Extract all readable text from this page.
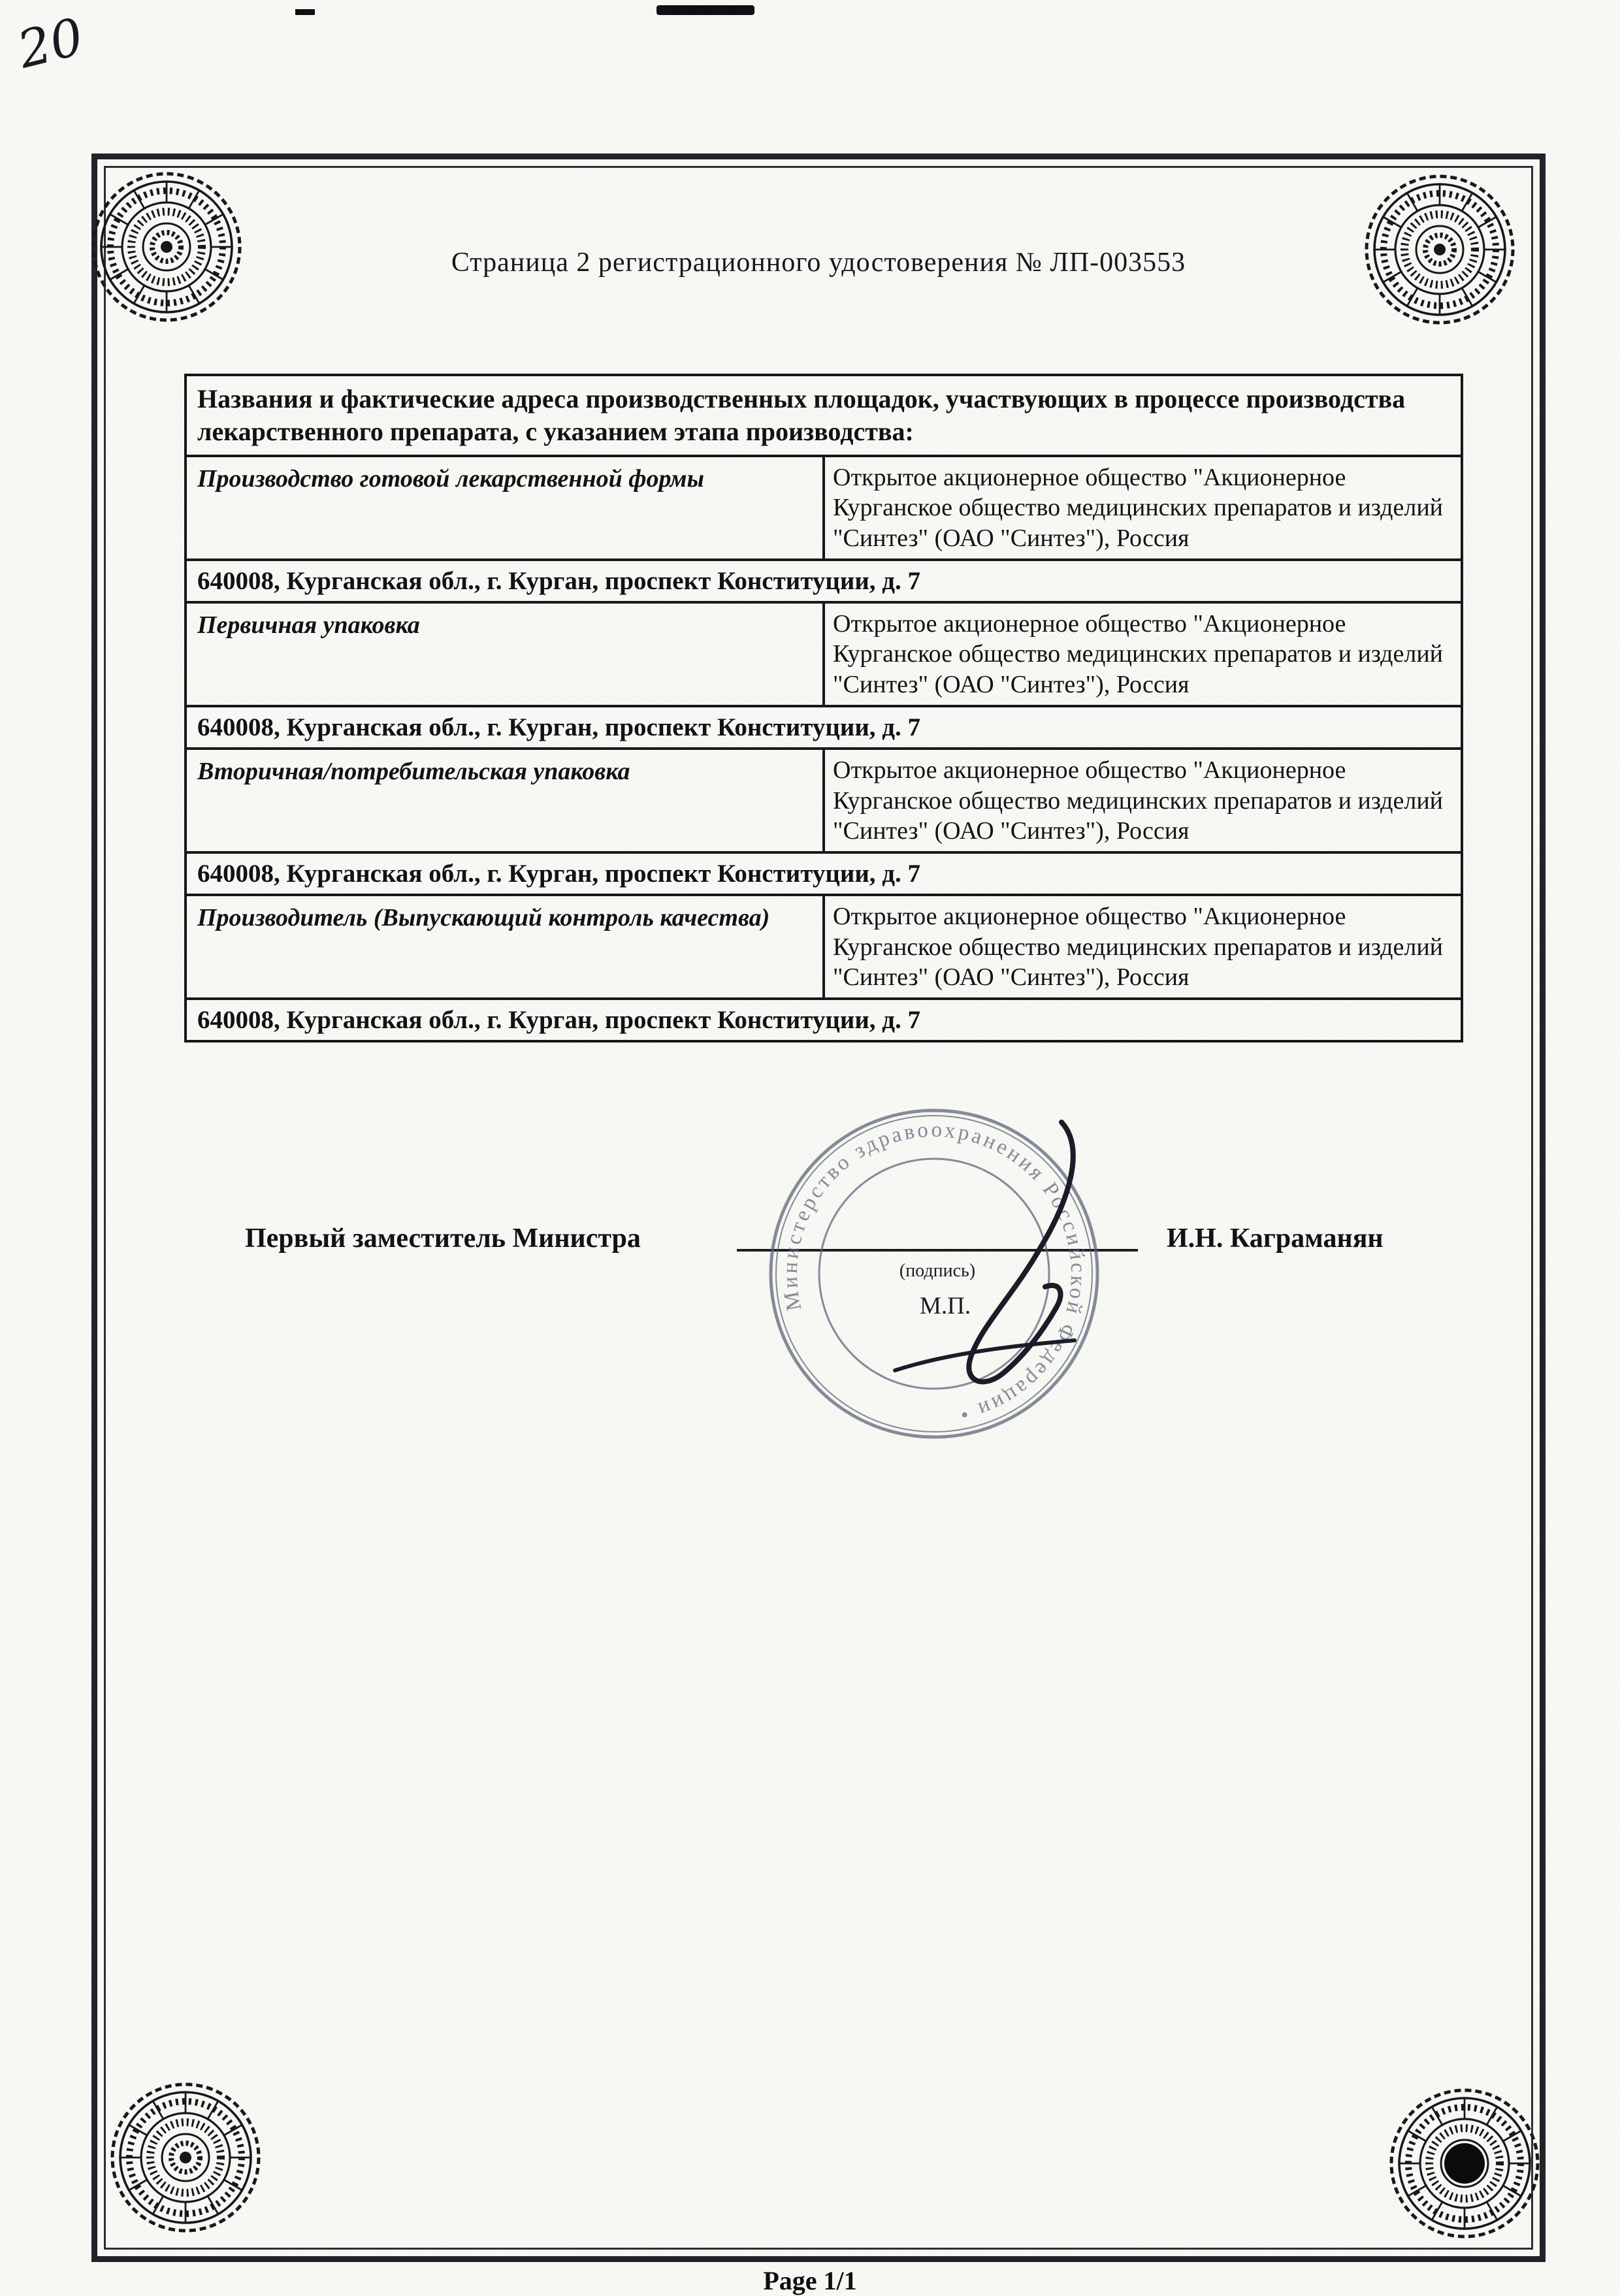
20
Страница 2 регистрационного удостоверения № ЛП-003553
Названия и фактические адреса производственных площадок, участвующих в процессе производства лекарственного препарата, с указанием этапа производства:	
Производство готовой лекарственной формы	Открытое акционерное общество "Акционерное Курганское общество медицинских препаратов и изделий "Синтез" (ОАО "Синтез"), Россия
640008, Курганская обл., г. Курган, проспект Конституции, д. 7	
Первичная упаковка	Открытое акционерное общество "Акционерное Курганское общество медицинских препаратов и изделий "Синтез" (ОАО "Синтез"), Россия
640008, Курганская обл., г. Курган, проспект Конституции, д. 7	
Вторичная/потребительская упаковка	Открытое акционерное общество "Акционерное Курганское общество медицинских препаратов и изделий "Синтез" (ОАО "Синтез"), Россия
640008, Курганская обл., г. Курган, проспект Конституции, д. 7	
Производитель (Выпускающий контроль качества)	Открытое акционерное общество "Акционерное Курганское общество медицинских препаратов и изделий "Синтез" (ОАО "Синтез"), Россия
640008, Курганская обл., г. Курган, проспект Конституции, д. 7	
Первый заместитель Министра
Министерство здравоохранения Российской Федерации •
(подпись)
М.П.
И.Н. Каграманян
Page 1/1
